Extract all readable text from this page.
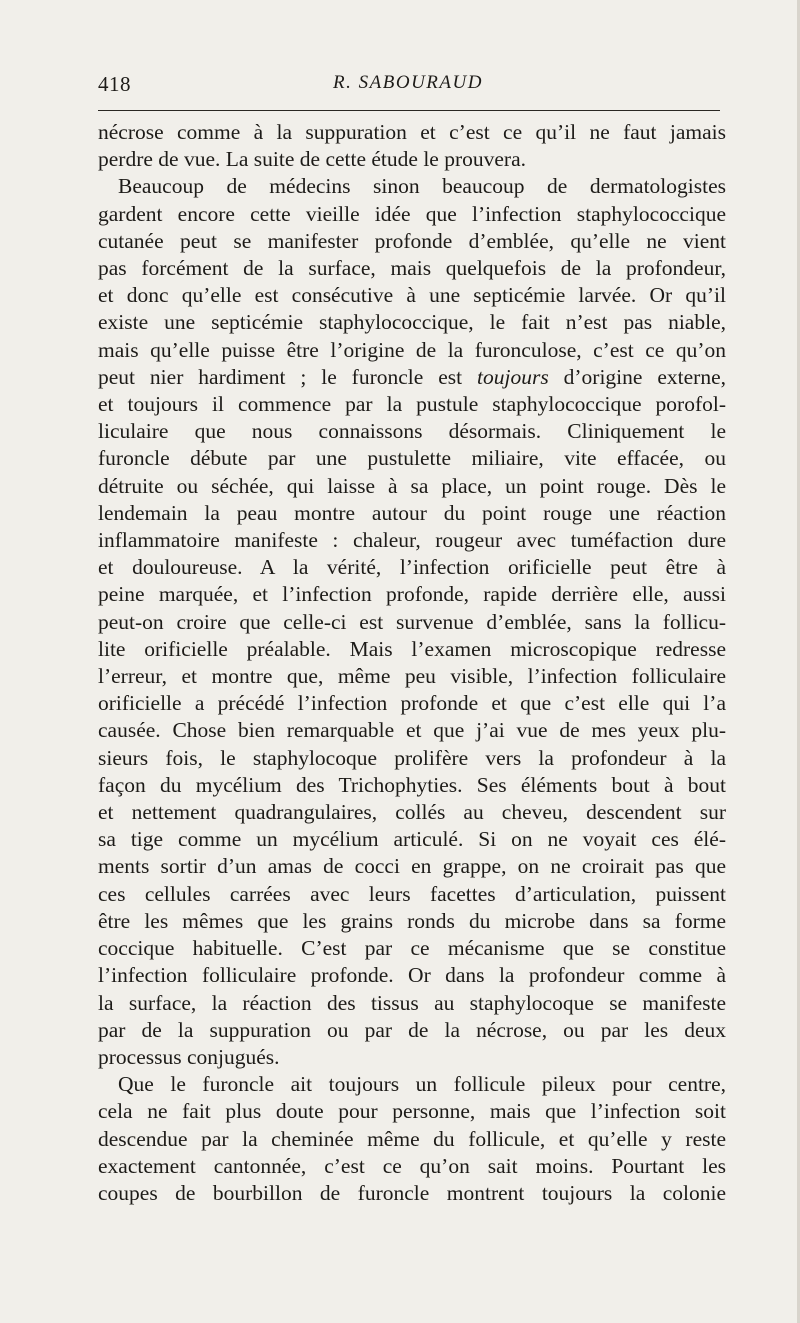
418	R. SABOURAUD

nécrose comme à la suppuration et c’est ce qu’il ne faut jamais

perdre de vue. La suite de cette étude le prouvera.

Beaucoup de médecins sinon beaucoup de dermatologistes

gardent encore cette vieille idée que l’infection staphylococcique

cutanée peut se manifester profonde d’emblée, qu’elle ne vient

pas forcément de la surface, mais quelquefois de la profondeur,

et donc qu’elle est consécutive à une septicémie larvée. Or qu’il

existe une septicémie staphylococcique, le fait n’est pas niable,

mais qu’elle puisse être l’origine de la furonculose, c’est ce qu’on

peut nier hardiment ; le furoncle est toujours d’origine externe,

et toujours il commence par la pustule staphylococcique porofol-

liculaire que nous connaissons désormais. Cliniquement le

furoncle débute par une pustulette miliaire, vite effacée, ou

détruite ou séchée, qui laisse à sa place, un point rouge. Dès le

lendemain la peau montre autour du point rouge une réaction

inflammatoire manifeste : chaleur, rougeur avec tuméfaction dure

et douloureuse. A la vérité, l’infection orificielle peut être à

peine marquée, et l’infection profonde, rapide derrière elle, aussi

peut-on croire que celle-ci est survenue d’emblée, sans la follicu-

lite orificielle préalable. Mais l’examen microscopique redresse

l’erreur, et montre que, même peu visible, l’infection folliculaire

orificielle a précédé l’infection profonde et que c’est elle qui l’a

causée. Chose bien remarquable et que j’ai vue de mes yeux plu-

sieurs fois, le staphylocoque prolifère vers la profondeur à la

façon du mycélium des Trichophyties. Ses éléments bout à bout

et nettement quadrangulaires, collés au cheveu, descendent sur

sa tige comme un mycélium articulé. Si on ne voyait ces élé-

ments sortir d’un amas de cocci en grappe, on ne croirait pas que

ces cellules carrées avec leurs facettes d’articulation, puissent

être les mêmes que les grains ronds du microbe dans sa forme

coccique habituelle. C’est par ce mécanisme que se constitue

l’infection folliculaire profonde. Or dans la profondeur comme à

la surface, la réaction des tissus au staphylocoque se manifeste

par de la suppuration ou par de la nécrose, ou par les deux

processus conjugués.

Que le furoncle ait toujours un follicule pileux pour centre,

cela ne fait plus doute pour personne, mais que l’infection soit

descendue par la cheminée même du follicule, et qu’elle y reste

exactement cantonnée, c’est ce qu’on sait moins. Pourtant les

coupes de bourbillon de furoncle montrent toujours la colonie
